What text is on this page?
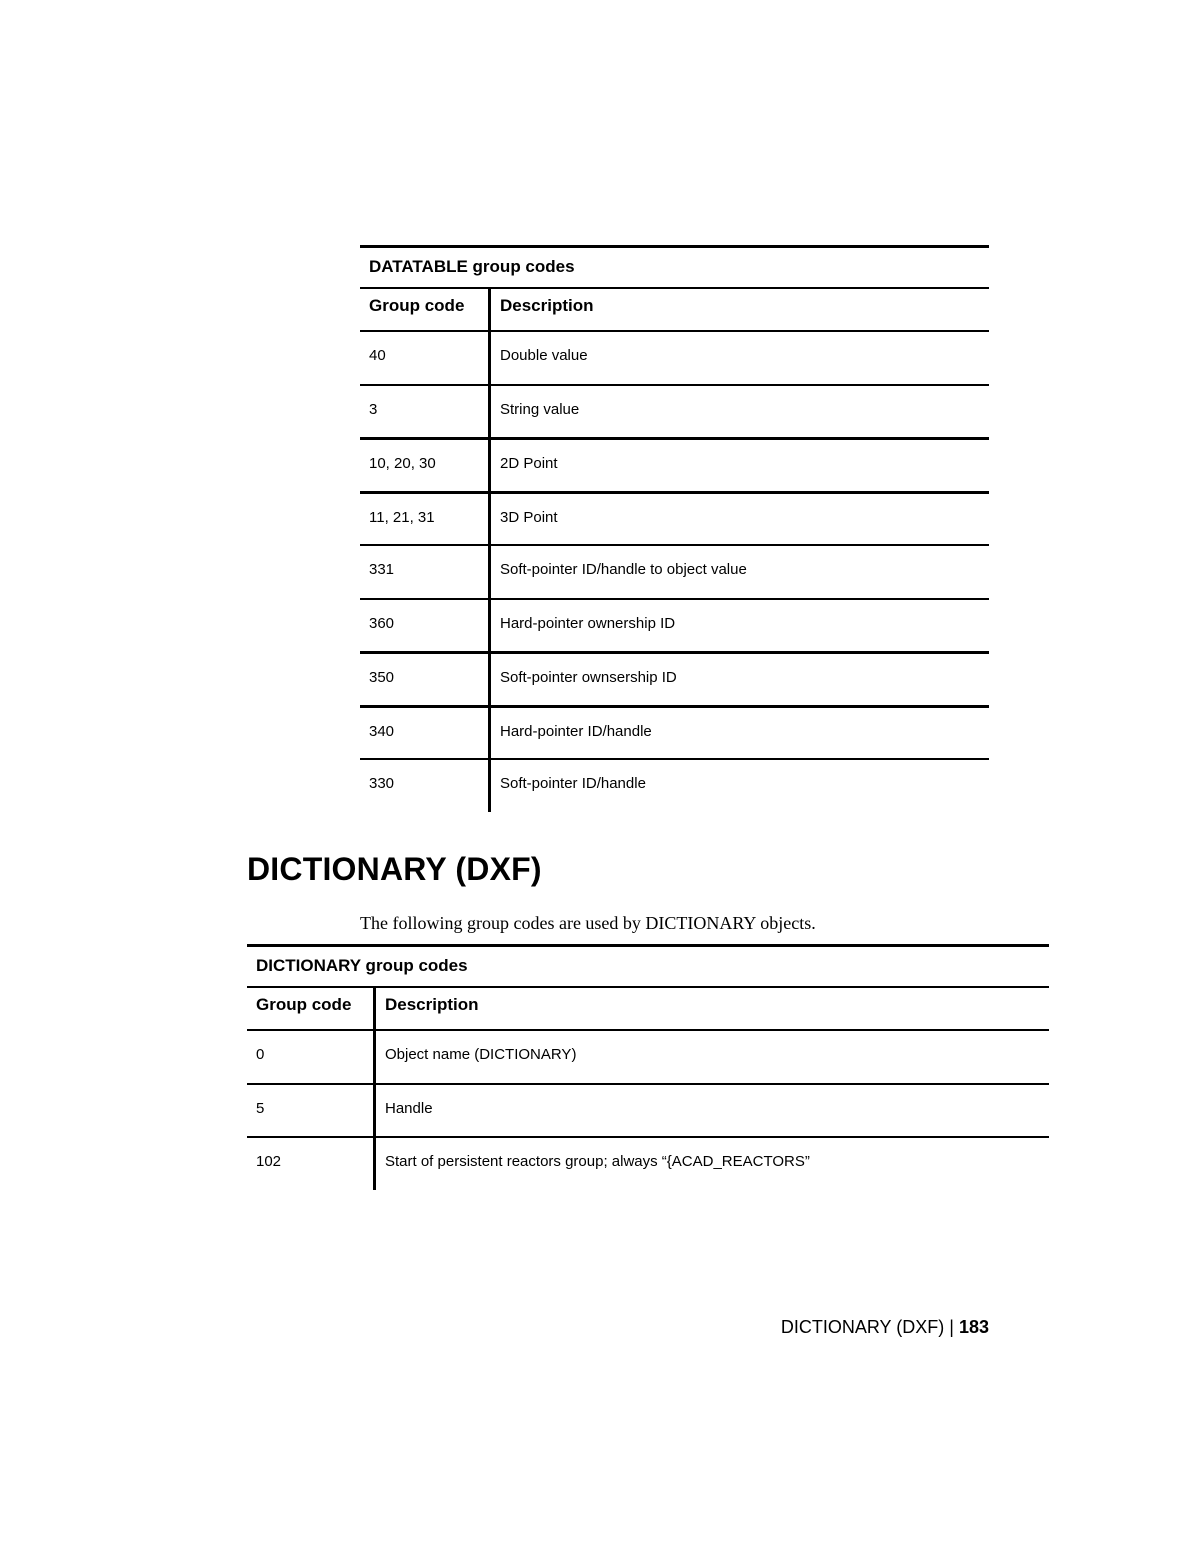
DATATABLE group codes
Group code	Description
40	Double value
3	String value
10, 20, 30	2D Point
11, 21, 31	3D Point
331	Soft-pointer ID/handle to object value
360	Hard-pointer ownership ID
350	Soft-pointer ownsership ID
340	Hard-pointer ID/handle
330	Soft-pointer ID/handle
DICTIONARY (DXF)

The following group codes are used by DICTIONARY objects.

DICTIONARY group codes
Group code	Description
0	Object name (DICTIONARY)
5	Handle
102	Start of persistent reactors group; always “{ACAD_REACTORS”
DICTIONARY (DXF) | 183
